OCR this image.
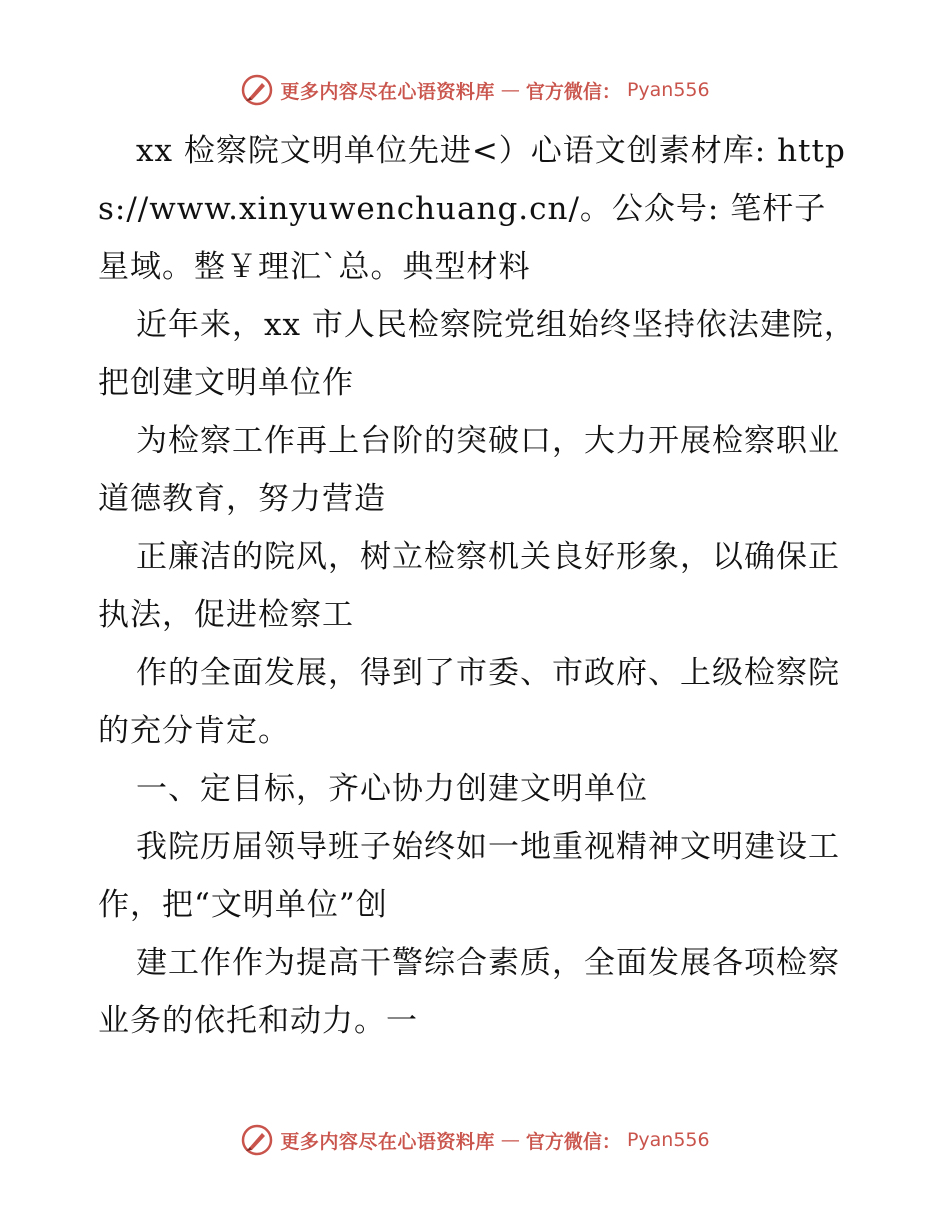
更多内容尽在心语资料库 — 官方微信： Pyan556

xx 检察院文明单位先进<）心语文创素材库: https://www.xinyuwenchuang.cn/。公众号: 笔杆子星域。整￥理汇`总。典型材料

近年来，xx 市人民检察院党组始终坚持依法建院，把创建文明单位作

为检察工作再上台阶的突破口，大力开展检察职业道德教育，努力营造

正廉洁的院风，树立检察机关良好形象，以确保正执法，促进检察工

作的全面发展，得到了市委、市政府、上级检察院的充分肯定。

一、定目标，齐心协力创建文明单位

我院历届领导班子始终如一地重视精神文明建设工作，把“文明单位”创

建工作作为提高干警综合素质，全面发展各项检察业务的依托和动力。一

更多内容尽在心语资料库 — 官方微信： Pyan556
